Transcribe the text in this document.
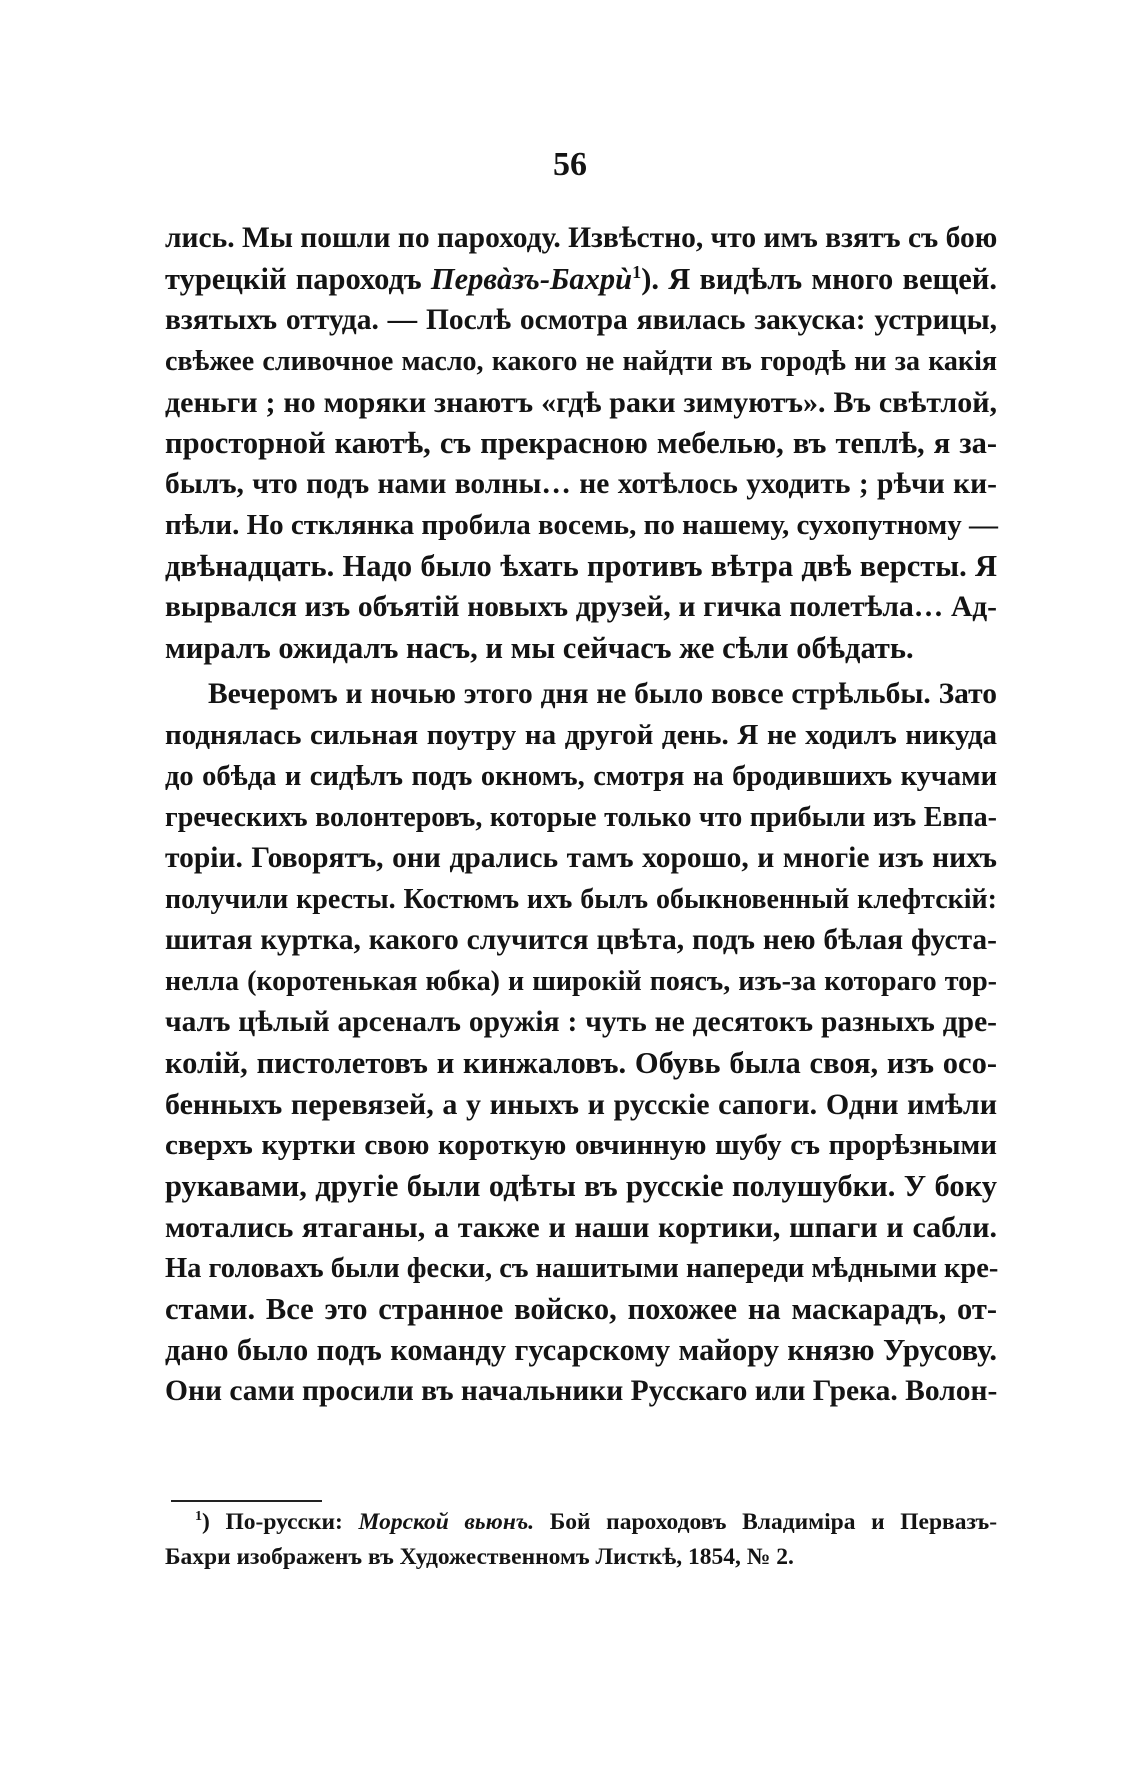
56
лись. Мы пошли по пароходу. Извѣстно, что имъ взятъ съ бою
турецкій пароходъ Первàзъ-Бахрù$^1$). Я видѣлъ много вещей.
взятыхъ оттуда. — Послѣ осмотра явилась закуска: устрицы,
свѣжее сливочное масло, какого не найдти въ городѣ ни за какія
деньги ; но моряки знаютъ «гдѣ раки зимуютъ». Въ свѣтлой,
просторной каютѣ, съ прекрасною мебелью, въ теплѣ, я за-
былъ, что подъ нами волны… не хотѣлось уходить ; рѣчи ки-
пѣли. Но стклянка пробила восемь, по нашему, сухопутному —
двѣнадцать. Надо было ѣхать противъ вѣтра двѣ версты. Я
вырвался изъ объятій новыхъ друзей, и гичка полетѣла… Ад-
миралъ ожидалъ насъ, и мы сейчасъ же сѣли обѣдать.
Вечеромъ и ночью этого дня не было вовсе стрѣльбы. Зато
поднялась сильная поутру на другой день. Я не ходилъ никуда
до обѣда и сидѣлъ подъ окномъ, смотря на бродившихъ кучами
греческихъ волонтеровъ, которые только что прибыли изъ Евпа-
торіи. Говорятъ, они дрались тамъ хорошо, и многіе изъ нихъ
получили кресты. Костюмъ ихъ былъ обыкновенный клефтскій:
шитая куртка, какого случится цвѣта, подъ нею бѣлая фуста-
нелла (коротенькая юбка) и широкій поясъ, изъ-за котораго тор-
чалъ цѣлый арсеналъ оружія : чуть не десятокъ разныхъ дре-
колій, пистолетовъ и кинжаловъ. Обувь была своя, изъ осо-
бенныхъ перевязей, а у иныхъ и русскіе сапоги. Одни имѣли
сверхъ куртки свою короткую овчинную шубу съ прорѣзными
рукавами, другіе были одѣты въ русскіе полушубки. У боку
мотались ятаганы, а также и наши кортики, шпаги и сабли.
На головахъ были фески, съ нашитыми напереди мѣдными кре-
стами. Все это странное войско, похожее на маскарадъ, от-
дано было подъ команду гусарскому майору князю Урусову.
Они сами просили въ начальники Русскаго или Грека. Волон-
$^1$) По-русски: Морской вьюнъ. Бой пароходовъ Владиміра и Первазъ-
Бахри изображенъ въ Художественномъ Листкѣ, 1854, № 2.
